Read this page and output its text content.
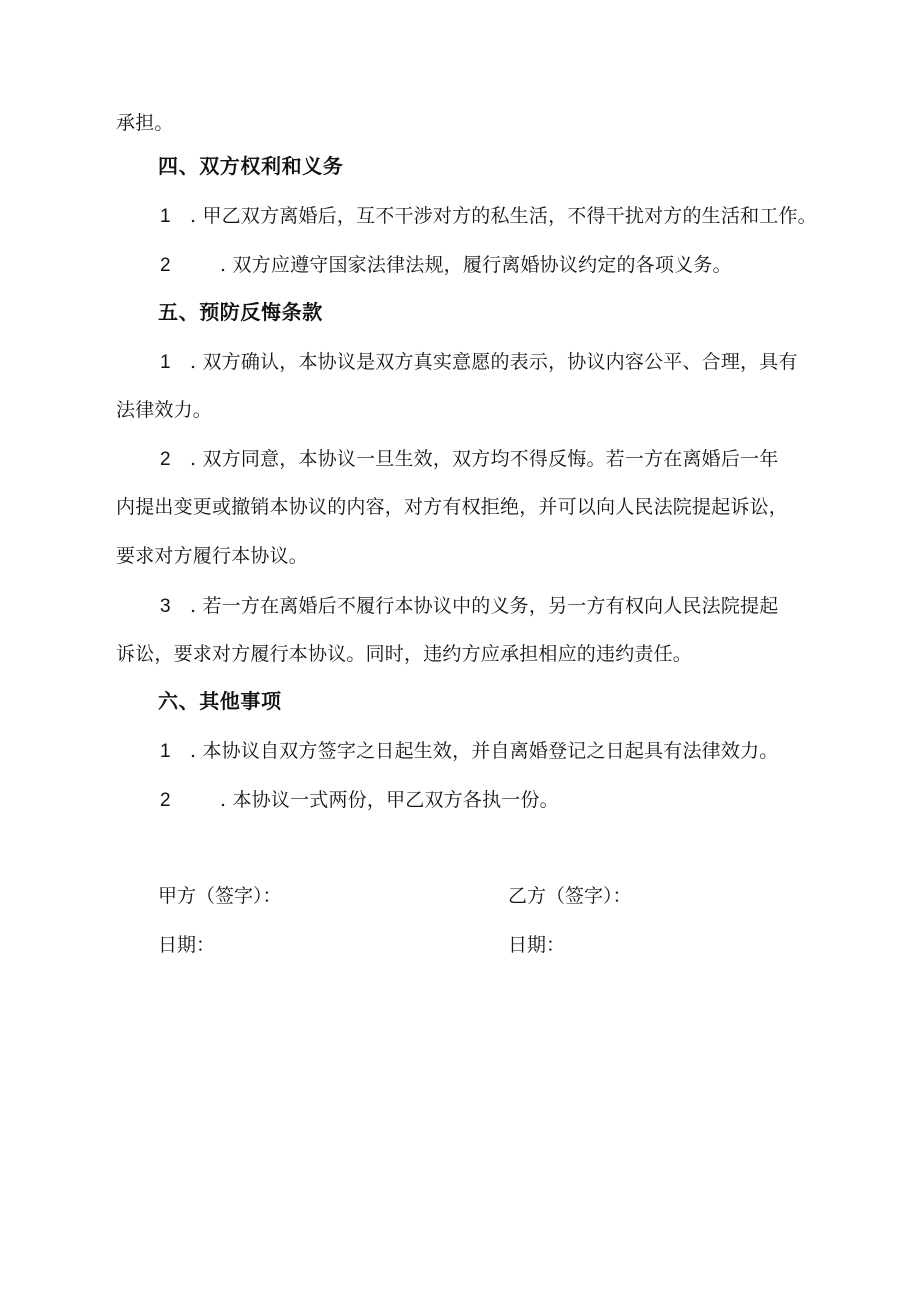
承担。
四、双方权利和义务
1 . 甲乙双方离婚后，互不干涉对方的私生活，不得干扰对方的生活和工作。
2	. 双方应遵守国家法律法规，履行离婚协议约定的各项义务。
五、预防反悔条款
1 . 双方确认，本协议是双方真实意愿的表示，协议内容公平、合理，具有
法律效力。
2 . 双方同意，本协议一旦生效，双方均不得反悔。若一方在离婚后一年
内提出变更或撤销本协议的内容，对方有权拒绝，并可以向人民法院提起诉讼，
要求对方履行本协议。
3 . 若一方在离婚后不履行本协议中的义务，另一方有权向人民法院提起
诉讼，要求对方履行本协议。同时，违约方应承担相应的违约责任。
六、其他事项
1 . 本协议自双方签字之日起生效，并自离婚登记之日起具有法律效力。
2	. 本协议一式两份，甲乙双方各执一份。
甲方（签字）：	乙方（签字）：
日期：	日期：
